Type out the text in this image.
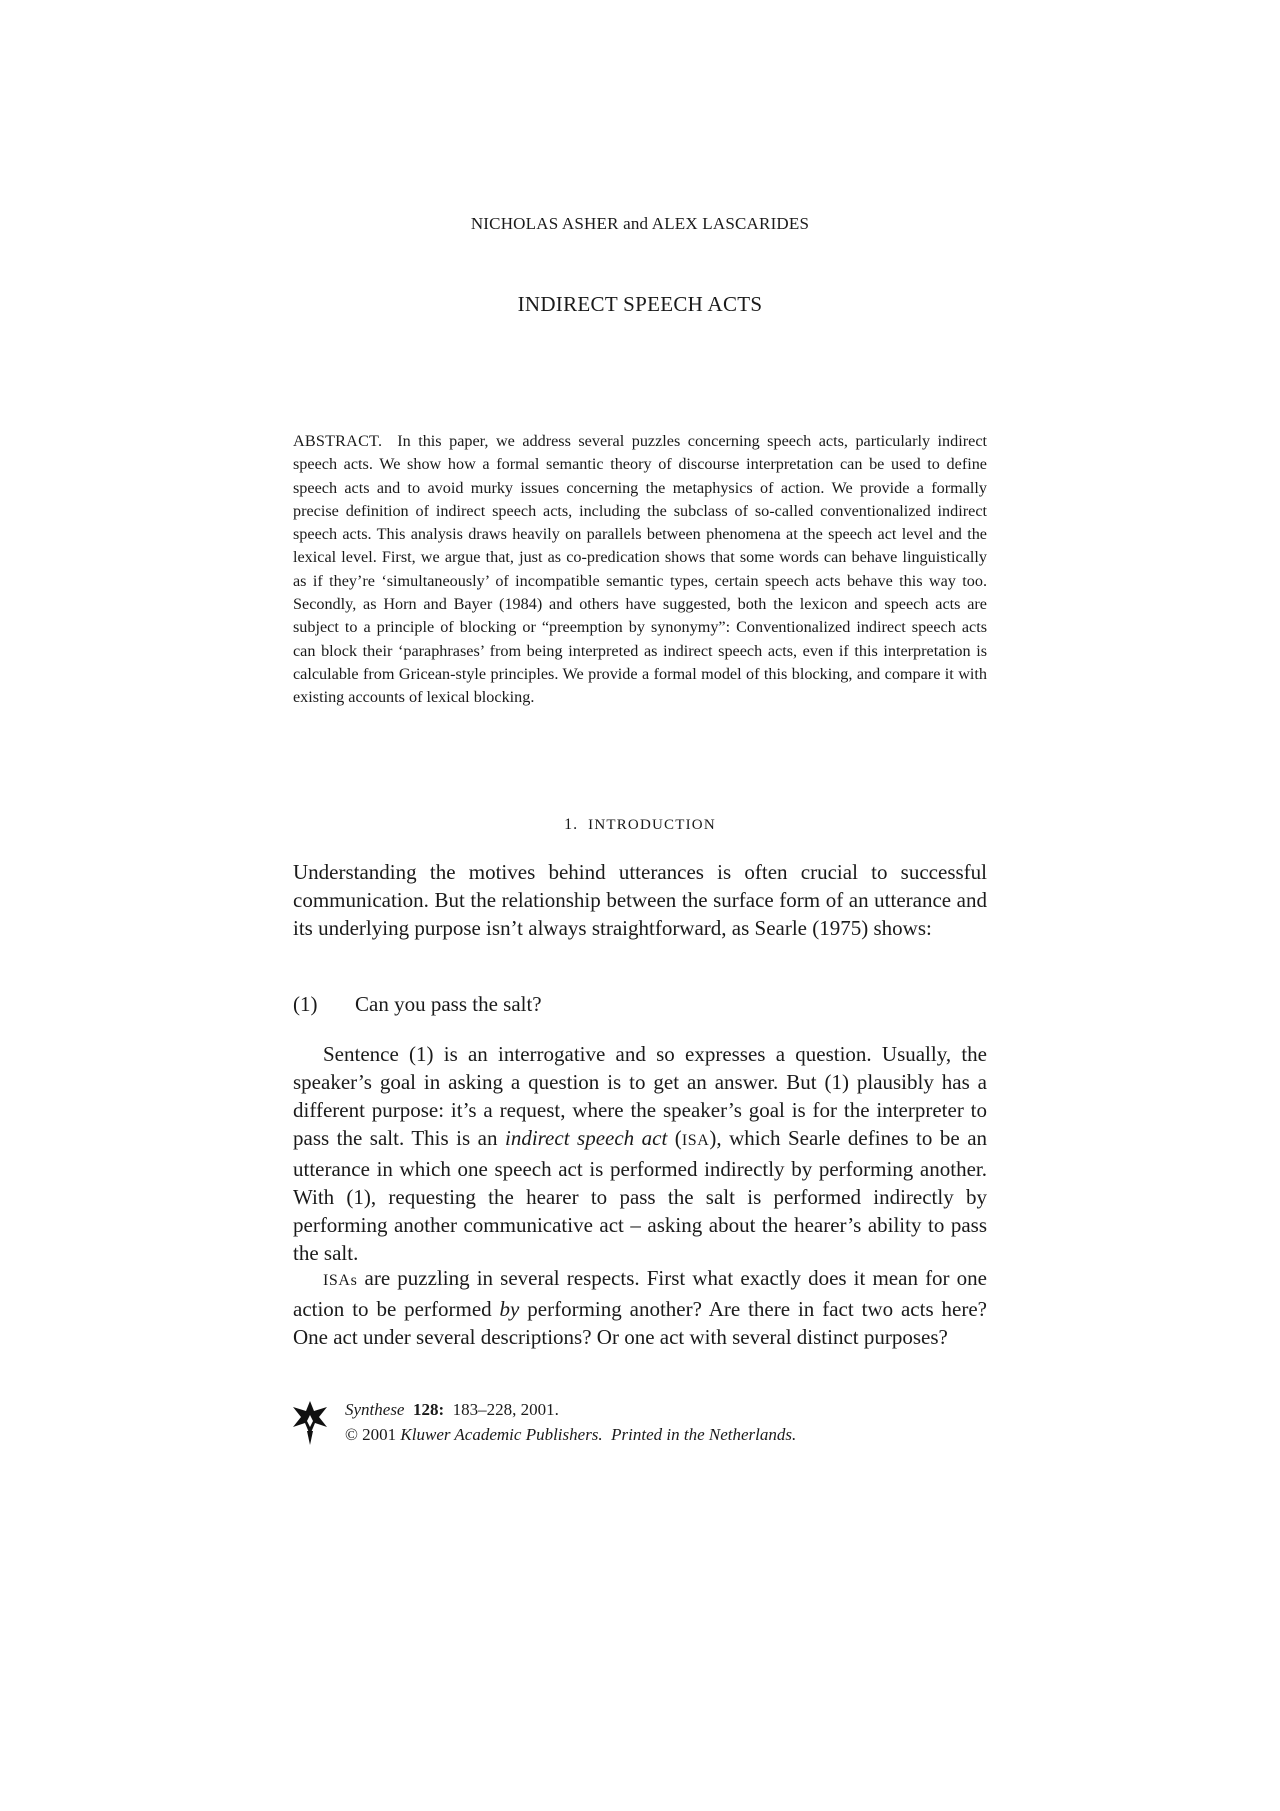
NICHOLAS ASHER and ALEX LASCARIDES
INDIRECT SPEECH ACTS
ABSTRACT. In this paper, we address several puzzles concerning speech acts, particularly indirect speech acts. We show how a formal semantic theory of discourse interpretation can be used to define speech acts and to avoid murky issues concerning the metaphysics of action. We provide a formally precise definition of indirect speech acts, including the subclass of so-called conventionalized indirect speech acts. This analysis draws heavily on parallels between phenomena at the speech act level and the lexical level. First, we argue that, just as co-predication shows that some words can behave linguistically as if they’re ‘simultaneously’ of incompatible semantic types, certain speech acts behave this way too. Secondly, as Horn and Bayer (1984) and others have suggested, both the lexicon and speech acts are subject to a principle of blocking or “preemption by synonymy”: Conventionalized indirect speech acts can block their ‘paraphrases’ from being interpreted as indirect speech acts, even if this interpretation is calculable from Gricean-style principles. We provide a formal model of this blocking, and compare it with existing accounts of lexical blocking.
1. INTRODUCTION

Understanding the motives behind utterances is often crucial to successful communication. But the relationship between the surface form of an utterance and its underlying purpose isn’t always straightforward, as Searle (1975) shows:

(1) Can you pass the salt?

Sentence (1) is an interrogative and so expresses a question. Usually, the speaker’s goal in asking a question is to get an answer. But (1) plausibly has a different purpose: it’s a request, where the speaker’s goal is for the interpreter to pass the salt. This is an indirect speech act (ISA), which Searle defines to be an utterance in which one speech act is performed indirectly by performing another. With (1), requesting the hearer to pass the salt is performed indirectly by performing another communicative act – asking about the hearer’s ability to pass the salt.

ISAs are puzzling in several respects. First what exactly does it mean for one action to be performed by performing another? Are there in fact two acts here? One act under several descriptions? Or one act with several distinct purposes?

Synthese 128: 183–228, 2001.
© 2001 Kluwer Academic Publishers. Printed in the Netherlands.
